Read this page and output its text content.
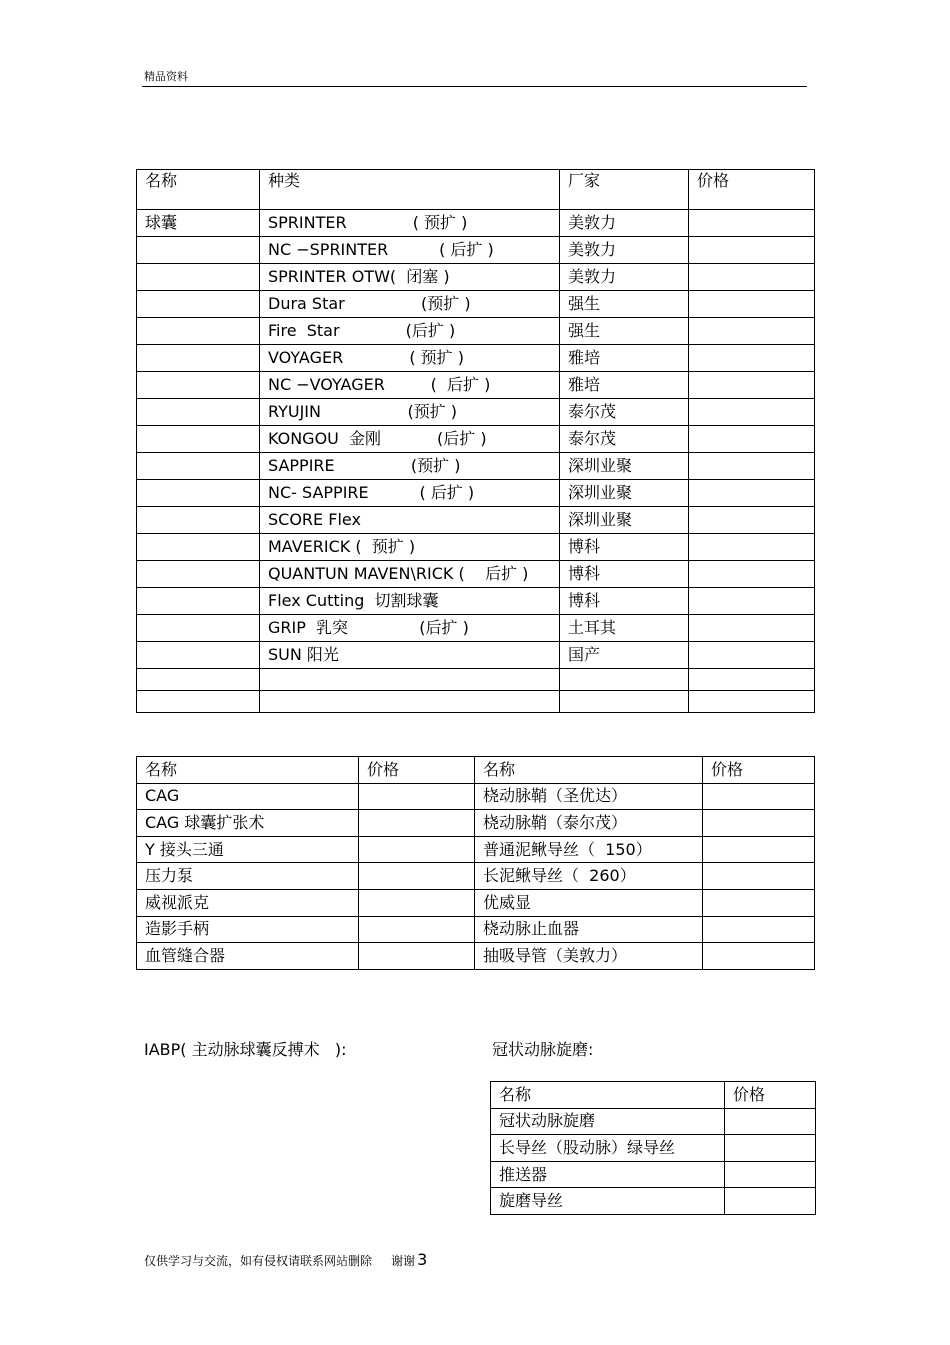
精品资料
名称	种类	厂家	价格
球囊	SPRINTER             ( 预扩 )	美敦力	
	NC −SPRINTER          ( 后扩 )	美敦力	
	SPRINTER OTW(  闭塞 )	美敦力	
	Dura Star               (预扩 )	强生	
	Fire  Star             (后扩 )	强生	
	VOYAGER             ( 预扩 )	雅培	
	NC −VOYAGER         (  后扩 )	雅培	
	RYUJIN                 (预扩 )	泰尔茂	
	KONGOU  金刚           (后扩 )	泰尔茂	
	SAPPIRE               (预扩 )	深圳业聚	
	NC- SAPPIRE          ( 后扩 )	深圳业聚	
	SCORE Flex	深圳业聚	
	MAVERICK (  预扩 )	博科	
	QUANTUN MAVEN\RICK (    后扩 )	博科	
	Flex Cutting  切割球囊	博科	
	GRIP  乳突              (后扩 )	土耳其	
	SUN 阳光	国产	

名称	价格	名称	价格
CAG		桡动脉鞘（圣优达）	
CAG 球囊扩张术		桡动脉鞘（泰尔茂）	
Y 接头三通		普通泥鳅导丝（  150）	
压力泵		长泥鳅导丝（  260）	
威视派克		优威显	
造影手柄		桡动脉止血器	
血管缝合器		抽吸导管（美敦力）	
IABP( 主动脉球囊反搏术   ):	冠状动脉旋磨:
名称	价格
冠状动脉旋磨	
长导丝（股动脉）绿导丝	
推送器	
旋磨导丝	
仅供学习与交流，如有侵权请联系网站删除     谢谢 3
